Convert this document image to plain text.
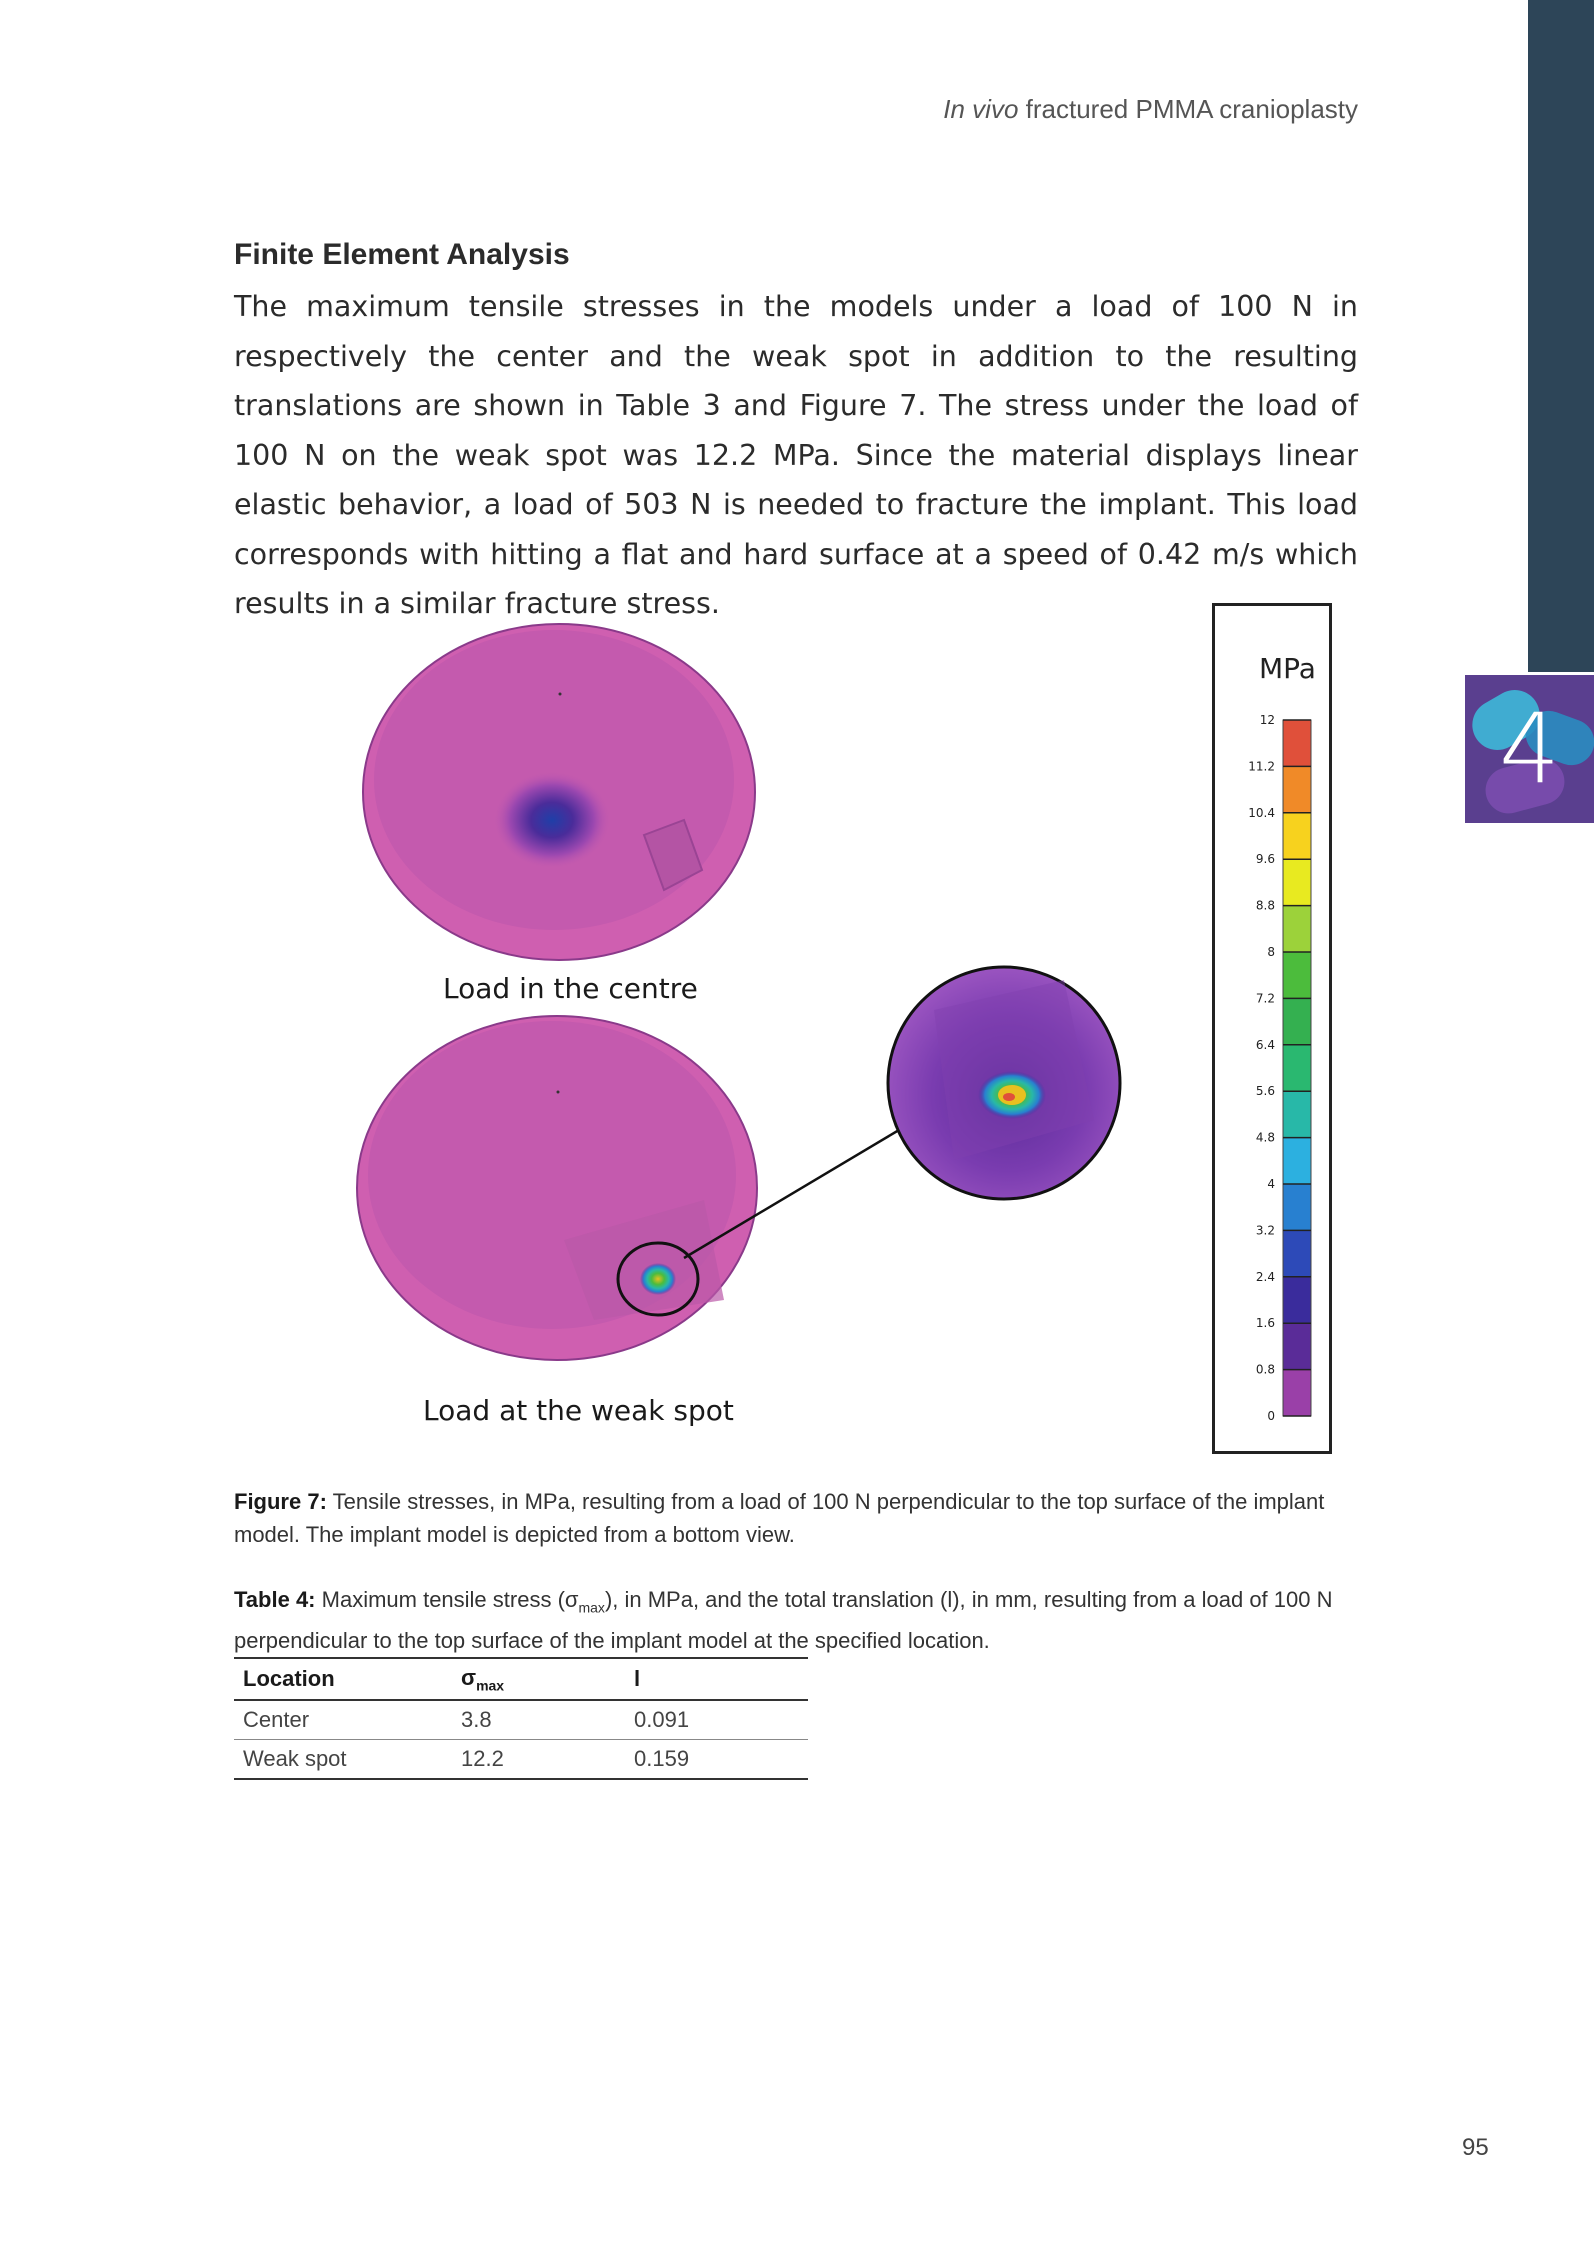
4
In vivo fractured PMMA cranioplasty
Finite Element Analysis
The maximum tensile stresses in the models under a load of 100 N in respectively the center and the weak spot in addition to the resulting translations are shown in Table 3 and Figure 7. The stress under the load of 100 N on the weak spot was 12.2 MPa. Since the material displays linear elastic behavior, a load of 503 N is needed to fracture the implant. This load corresponds with hitting a flat and hard surface at a speed of 0.42 m/s which results in a similar fracture stress.
Load in the centre
Load at the weak spot
MPa
12
11.2
10.4
9.6
8.8
8
7.2
6.4
5.6
4.8
4
3.2
2.4
1.6
0.8
0
Figure 7: Tensile stresses, in MPa, resulting from a load of 100 N perpendicular to the top surface of the implant model. The implant model is depicted from a bottom view.
Table 4: Maximum tensile stress $(\sigma_{max})$, in MPa, and the total translation (l), in mm, resulting from a load of 100 N perpendicular to the top surface of the implant model at the specified location.
Location	$\sigma_{max}$	l
Center	3.8	0.091
Weak spot	12.2	0.159
95
